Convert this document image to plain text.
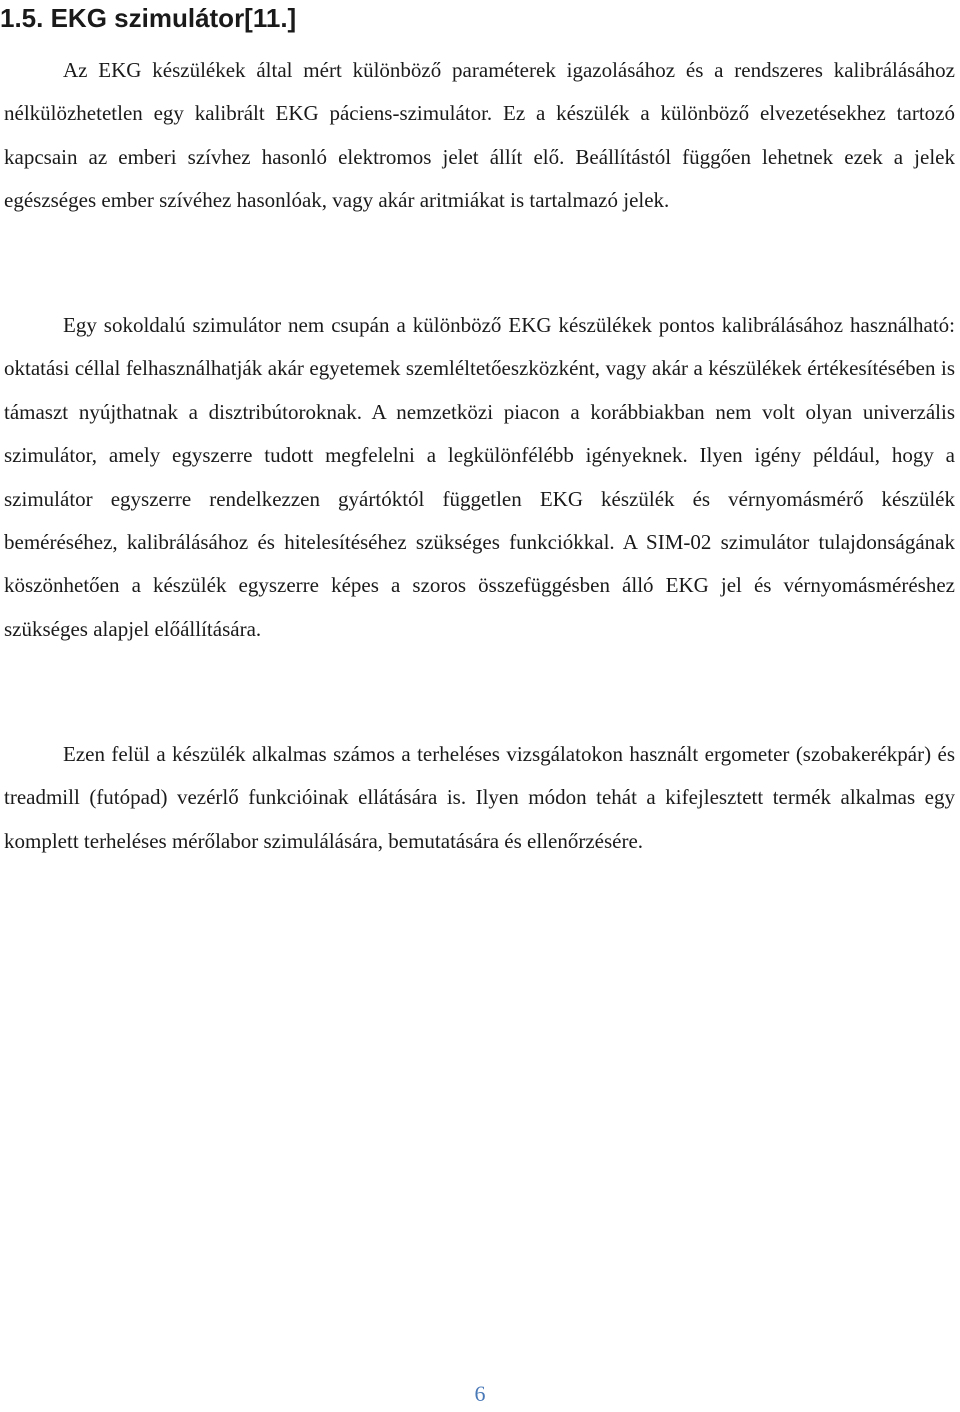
1.5. EKG szimulátor[11.]

Az EKG készülékek által mért különböző paraméterek igazolásához és a rendszeres kalibrálásához nélkülözhetetlen egy kalibrált EKG páciens-szimulátor. Ez a készülék a különböző elvezetésekhez tartozó kapcsain az emberi szívhez hasonló elektromos jelet állít elő. Beállítástól függően lehetnek ezek a jelek egészséges ember szívéhez hasonlóak, vagy akár aritmiákat is tartalmazó jelek.

Egy sokoldalú szimulátor nem csupán a különböző EKG készülékek pontos kalibrálásához használható: oktatási céllal felhasználhatják akár egyetemek szemléltetőeszközként, vagy akár a készülékek értékesítésében is támaszt nyújthatnak a disztribútoroknak. A nemzetközi piacon a korábbiakban nem volt olyan univerzális szimulátor, amely egyszerre tudott megfelelni a legkülönfélébb igényeknek. Ilyen igény például, hogy a szimulátor egyszerre rendelkezzen gyártóktól független EKG készülék és vérnyomásmérő készülék beméréséhez, kalibrálásához és hitelesítéséhez szükséges funkciókkal. A SIM-02 szimulátor tulajdonságának köszönhetően a készülék egyszerre képes a szoros összefüggésben álló EKG jel és vérnyomásméréshez szükséges alapjel előállítására.

Ezen felül a készülék alkalmas számos a terheléses vizsgálatokon használt ergometer (szobakerékpár) és treadmill (futópad) vezérlő funkcióinak ellátására is. Ilyen módon tehát a kifejlesztett termék alkalmas egy komplett terheléses mérőlabor szimulálására, bemutatására és ellenőrzésére.

6
